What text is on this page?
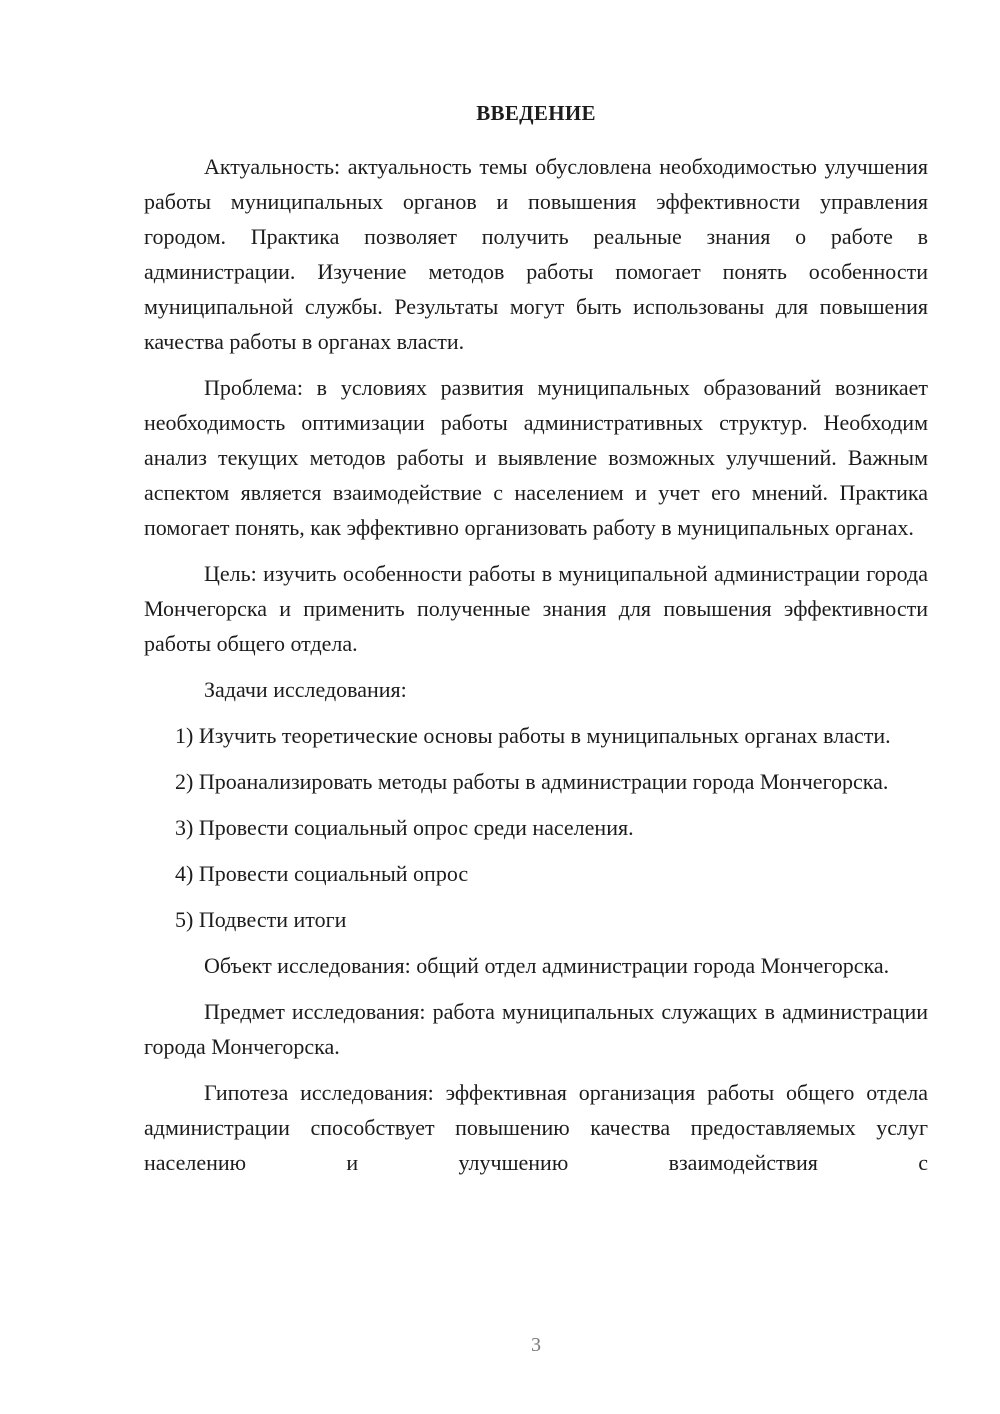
ВВЕДЕНИЕ

Актуальность: актуальность темы обусловлена необходимостью улучшения работы муниципальных органов и повышения эффективности управления городом. Практика позволяет получить реальные знания о работе в администрации. Изучение методов работы помогает понять особенности муниципальной службы. Результаты могут быть использованы для повышения качества работы в органах власти.

Проблема: в условиях развития муниципальных образований возникает необходимость оптимизации работы административных структур. Необходим анализ текущих методов работы и выявление возможных улучшений. Важным аспектом является взаимодействие с населением и учет его мнений. Практика помогает понять, как эффективно организовать работу в муниципальных органах.

Цель: изучить особенности работы в муниципальной администрации города Мончегорска и применить полученные знания для повышения эффективности работы общего отдела.

Задачи исследования:

1) Изучить теоретические основы работы в муниципальных органах власти.

2) Проанализировать методы работы в администрации города Мончегорска.

3) Провести социальный опрос среди населения.

4) Провести социальный опрос

5) Подвести итоги

Объект исследования: общий отдел администрации города Мончегорска.

Предмет исследования: работа муниципальных служащих в администрации города Мончегорска.

Гипотеза исследования: эффективная организация работы общего отдела администрации способствует повышению качества предоставляемых услуг населению и улучшению взаимодействия с

3
